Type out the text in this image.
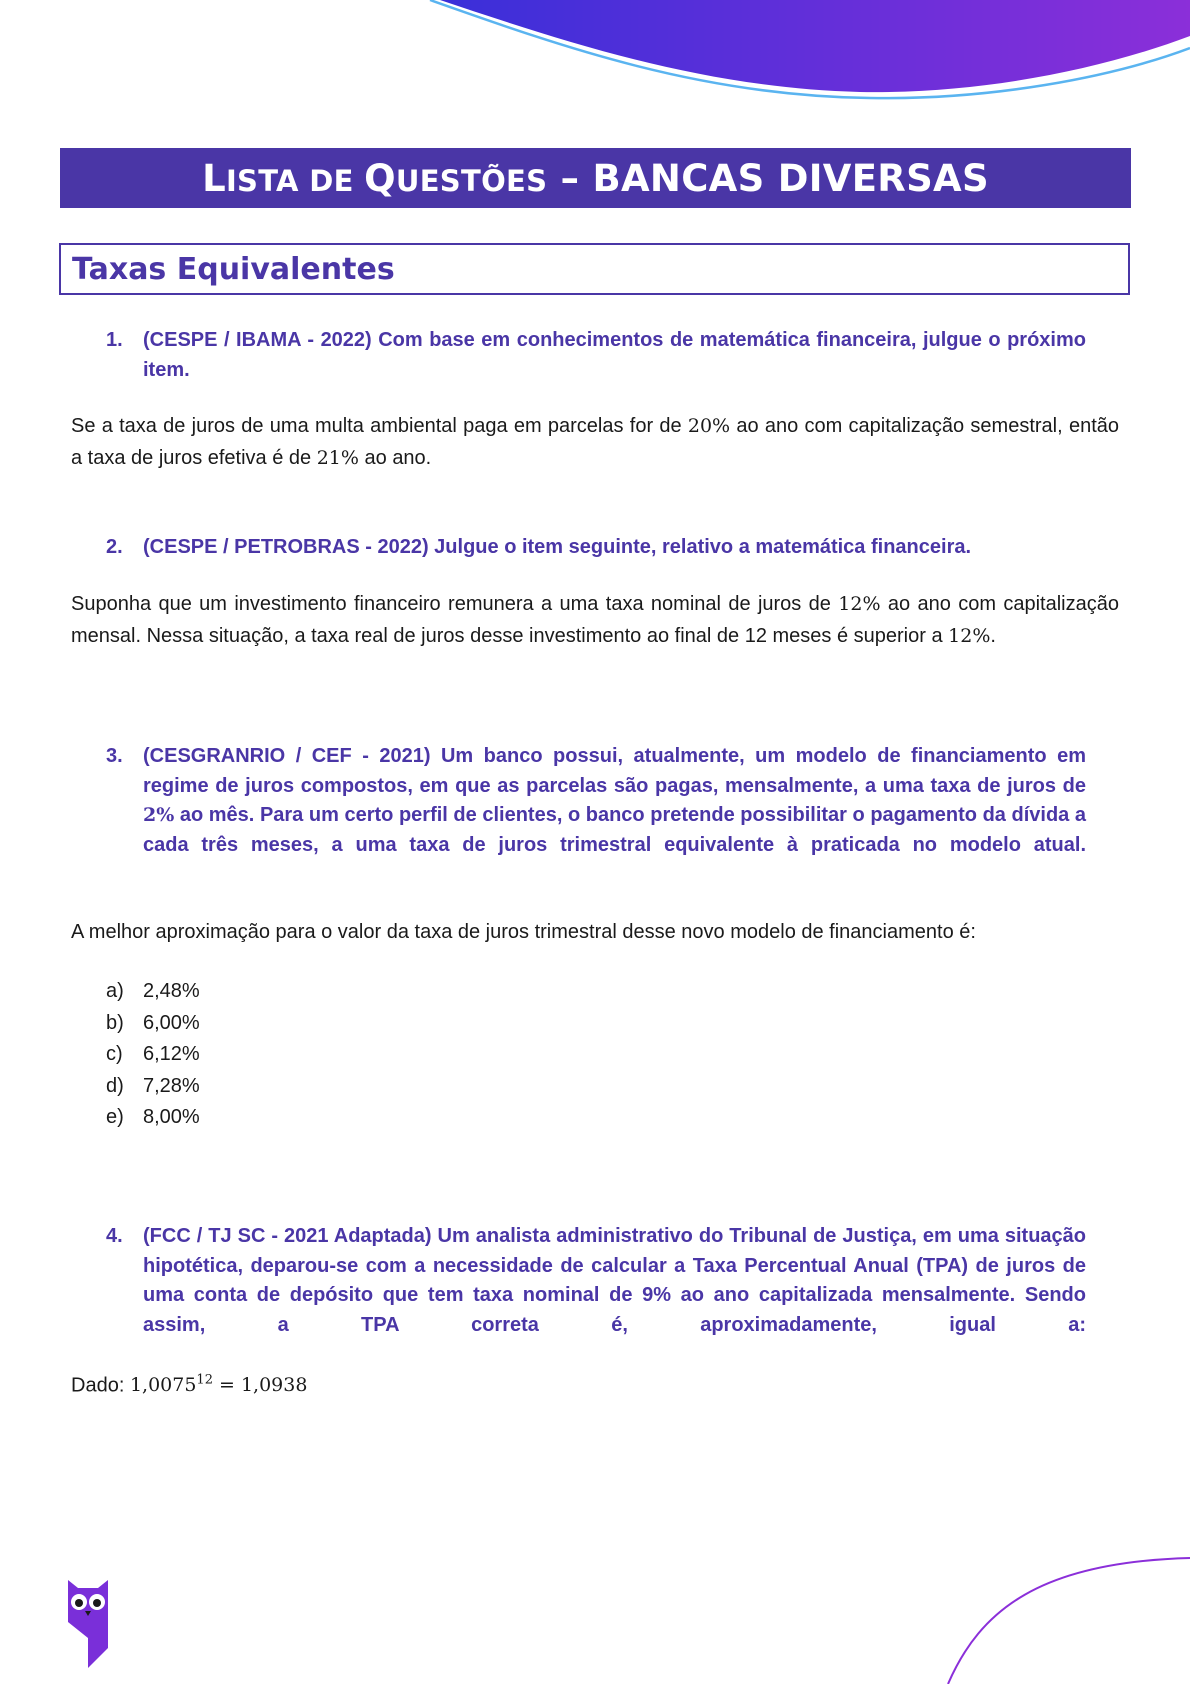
LISTA DE QUESTÕES – BANCAS DIVERSAS
Taxas Equivalentes
1. (CESPE / IBAMA - 2022) Com base em conhecimentos de matemática financeira, julgue o próximo item.
Se a taxa de juros de uma multa ambiental paga em parcelas for de 20% ao ano com capitalização semestral, então a taxa de juros efetiva é de 21% ao ano.
2. (CESPE / PETROBRAS - 2022) Julgue o item seguinte, relativo a matemática financeira.
Suponha que um investimento financeiro remunera a uma taxa nominal de juros de 12% ao ano com capitalização mensal. Nessa situação, a taxa real de juros desse investimento ao final de 12 meses é superior a 12%.
3. (CESGRANRIO / CEF - 2021) Um banco possui, atualmente, um modelo de financiamento em regime de juros compostos, em que as parcelas são pagas, mensalmente, a uma taxa de juros de 2% ao mês. Para um certo perfil de clientes, o banco pretende possibilitar o pagamento da dívida a cada três meses, a uma taxa de juros trimestral equivalente à praticada no modelo atual.
A melhor aproximação para o valor da taxa de juros trimestral desse novo modelo de financiamento é:
a) 2,48%
b) 6,00%
c)	6,12%
d) 7,28%
e) 8,00%
4. (FCC / TJ SC - 2021 Adaptada) Um analista administrativo do Tribunal de Justiça, em uma situação hipotética, deparou-se com a necessidade de calcular a Taxa Percentual Anual (TPA) de juros de uma conta de depósito que tem taxa nominal de 9% ao ano capitalizada mensalmente. Sendo assim, a TPA correta é, aproximadamente, igual a:
Dado: $1,0075^{12} = 1,0938$
